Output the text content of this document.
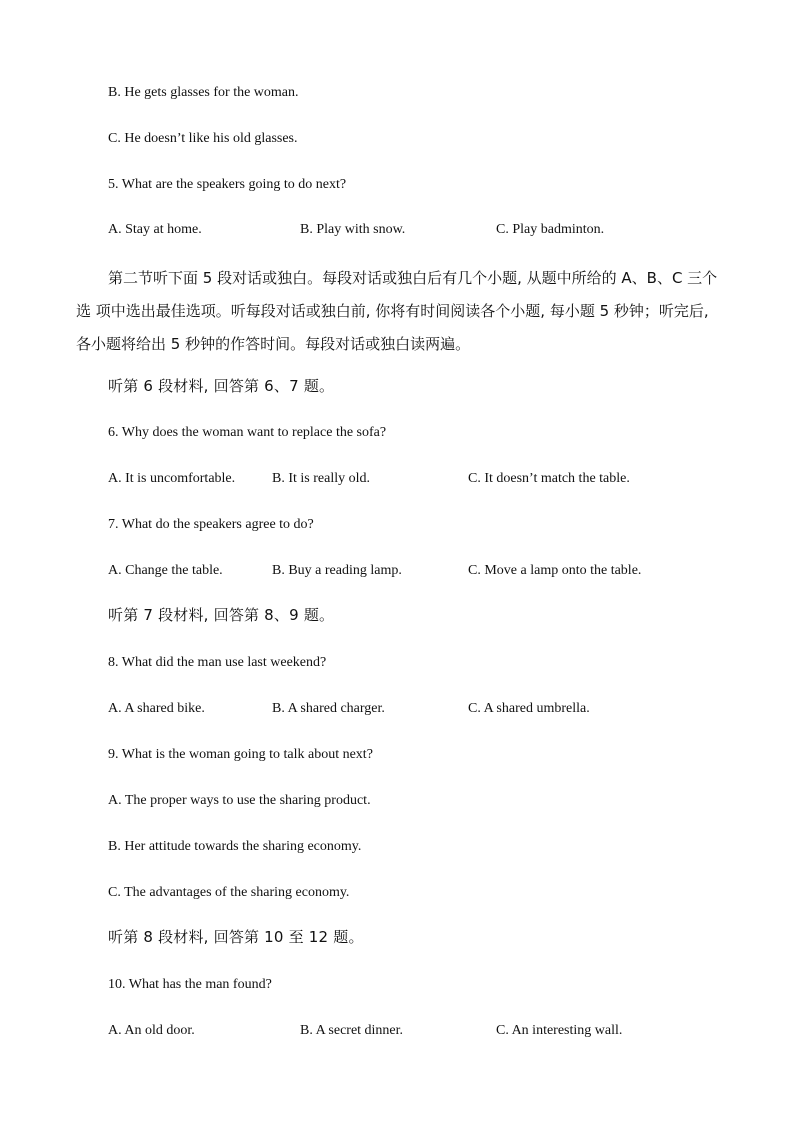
B. He gets glasses for the woman.
C. He doesn’t like his old glasses.
5. What are the speakers going to do next?
A. Stay at home.	B. Play with snow.	C. Play badminton.
第二节听下面 5 段对话或独白。每段对话或独白后有几个小题, 从题中所给的 A、B、C 三个选 项中选出最佳选项。听每段对话或独白前, 你将有时间阅读各个小题, 每小题 5 秒钟；听完后, 各小题将给出 5 秒钟的作答时间。每段对话或独白读两遍。
听第 6 段材料, 回答第 6、7 题。
6. Why does the woman want to replace the sofa?
A. It is uncomfortable.	B. It is really old.	C. It doesn’t match the table.
7. What do the speakers agree to do?
A. Change the table.	B. Buy a reading lamp.	C. Move a lamp onto the table.
听第 7 段材料, 回答第 8、9 题。
8. What did the man use last weekend?
A. A shared bike.	B. A shared charger.	C. A shared umbrella.
9. What is the woman going to talk about next?
A. The proper ways to use the sharing product.
B. Her attitude towards the sharing economy.
C. The advantages of the sharing economy.
听第 8 段材料, 回答第 10 至 12 题。
10. What has the man found?
A. An old door.	B. A secret dinner.	C. An interesting wall.
